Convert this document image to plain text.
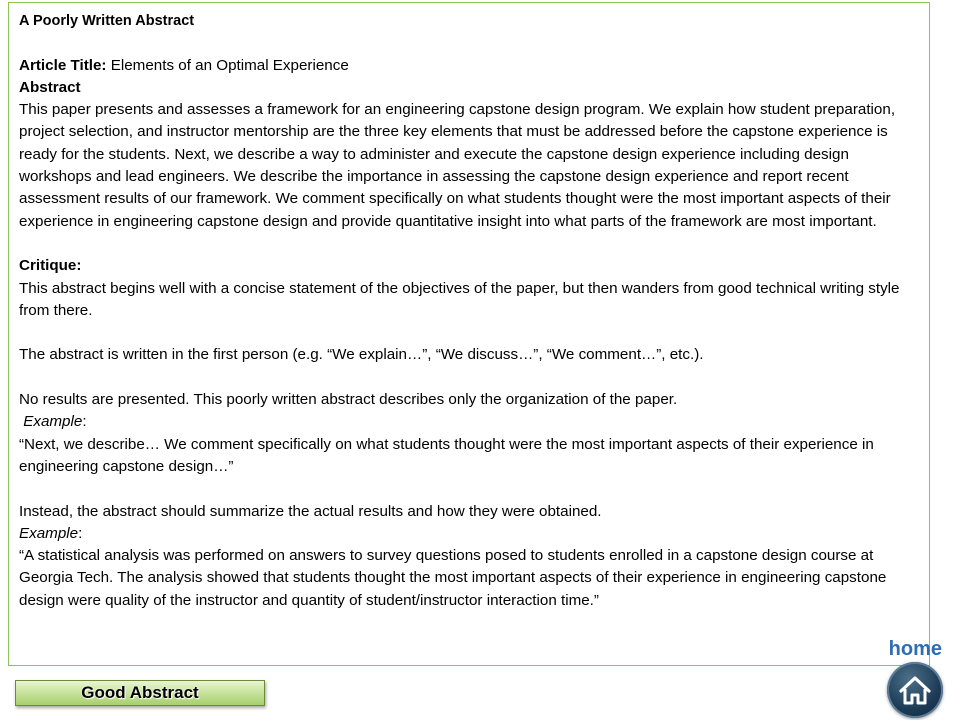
A Poorly Written Abstract

Article Title: Elements of an Optimal Experience

Abstract

This paper presents and assesses a framework for an engineering capstone design program. We explain how student preparation, project selection, and instructor mentorship are the three key elements that must be addressed before the capstone experience is ready for the students. Next, we describe a way to administer and execute the capstone design experience including design workshops and lead engineers. We describe the importance in assessing the capstone design experience and report recent assessment results of our framework. We comment specifically on what students thought were the most important aspects of their experience in engineering capstone design and provide quantitative insight into what parts of the framework are most important.

Critique:

This abstract begins well with a concise statement of the objectives of the paper, but then wanders from good technical writing style from there.

The abstract is written in the first person (e.g. “We explain…”, “We discuss…”, “We comment…”, etc.).

No results are presented. This poorly written abstract describes only the organization of the paper.

Example:

“Next, we describe… We comment specifically on what students thought were the most important aspects of their experience in engineering capstone design…”

Instead, the abstract should summarize the actual results and how they were obtained.

Example:

“A statistical analysis was performed on answers to survey questions posed to students enrolled in a capstone design course at Georgia Tech. The analysis showed that students thought the most important aspects of their experience in engineering capstone design were quality of the instructor and quantity of student/instructor interaction time.”

home
Good Abstract
